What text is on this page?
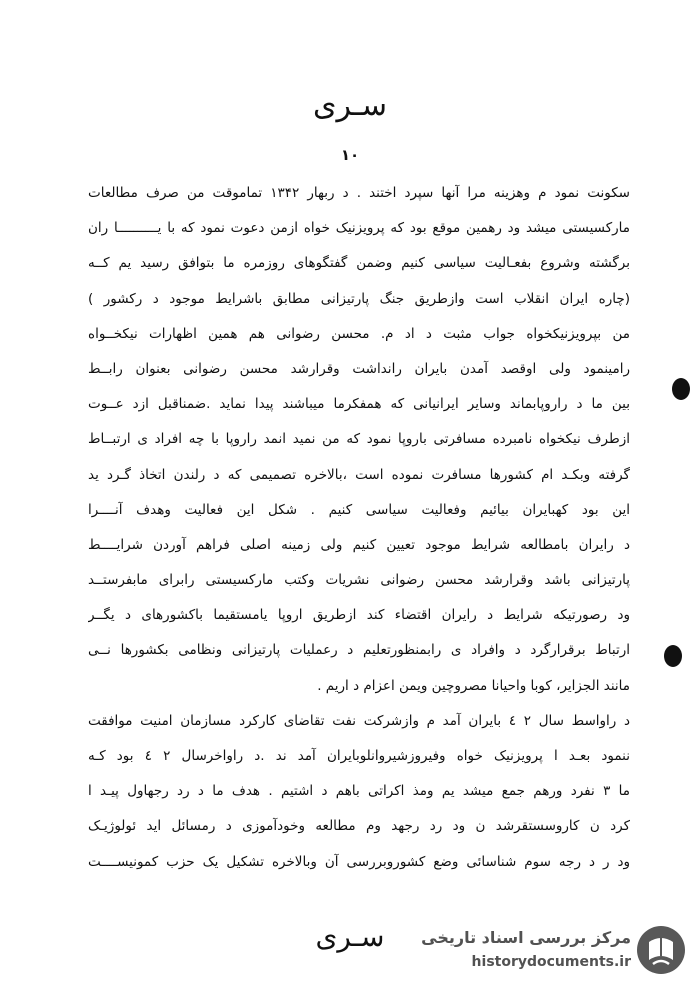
سـری
۱۰
سکونت نمود م وهزینه مرا آنها سپرد اختند . د ربهار ۱۳۴۲ تماموقت من صرف مطالعات
مارکسیستی میشد ود رهمین موقع بود که پرویزنیک خواه ازمن دعوت نمود که با یــــــــــا ران
برگشته وشروع بفعـالیت سیاسی کنیم وضمن گفتگوهای روزمره ما بتوافق رسید یم کــه
(چاره ایران انقلاب است وازطریق جنگ پارتیزانی مطابق باشرایط موجود د رکشور )
من بپرویزنیکخواه جواب مثبت د اد م. محسن رضوانی هم همین اظهارات نیکخــواه
رامینمود ولی اوقصد آمدن بایران رانداشت وقرارشد محسن رضوانی بعنوان رابــط
بین ما د راروپابماند وسایر ایرانیانی که همفکرما میباشند پیدا نماید .ضمناقبل ازد عــوت
ازطرف نیکخواه نامبرده مسافرتی باروپا نمود که من نمید انمد راروپا با چه افراد ی ارتبــاط
گرفته وبکـد ام کشورها مسافرت نموده است ،بالاخره تصمیمی که د رلندن اتخاذ گـرد ید
این بود کهبایران بیائیم وفعالیت سیاسی کنیم . شکل این فعالیت وهدف آنــــرا
د رایران بامطالعه شرایط موجود تعیین کنیم ولی زمینه اصلی فراهم آوردن شرایــــط
پارتیزانی باشد وقرارشد محسن رضوانی نشریات وکتب مارکسیستی رابرای مابفرستــد
ود رصورتیکه شرایط د رایران اقتضاء کند ازطریق اروپا یامستقیما باکشورهای د یگــر
ارتباط برقرارگرد د وافراد ی رابمنظورتعلیم د رعملیات پارتیزانی ونظامی بکشورها نــی
مانند الجزایر، کوبا واحیانا مصروچین ویمن اعزام د اریم .
د راواسط سال ۲ ٤ بایران آمد م وازشرکت نفت تقاضای کارکرد مسازمان امنیت موافقت
ننمود بعـد ا پرویزنیک خواه وفیروزشیروانلوبایران آمد ند .د راواخرسال ۲ ٤ بود کـه
ما ۳ نفرد ورهم جمع میشد یم ومذ اکراتی باهم د اشتیم . هدف ما د رد رجهاول پیـد ا
کرد ن کاروسستقرشد ن ود رد رجهد وم مطالعه وخودآموزی د رمسائل اید ئولوژیـک
ود ر د رجه سوم شناسائی وضع کشوروبررسی آن وبالاخره تشکیل یک حزب کمونیســــت
سـری	مرکز بررسی اسناد تاریخی
historydocuments.ir
